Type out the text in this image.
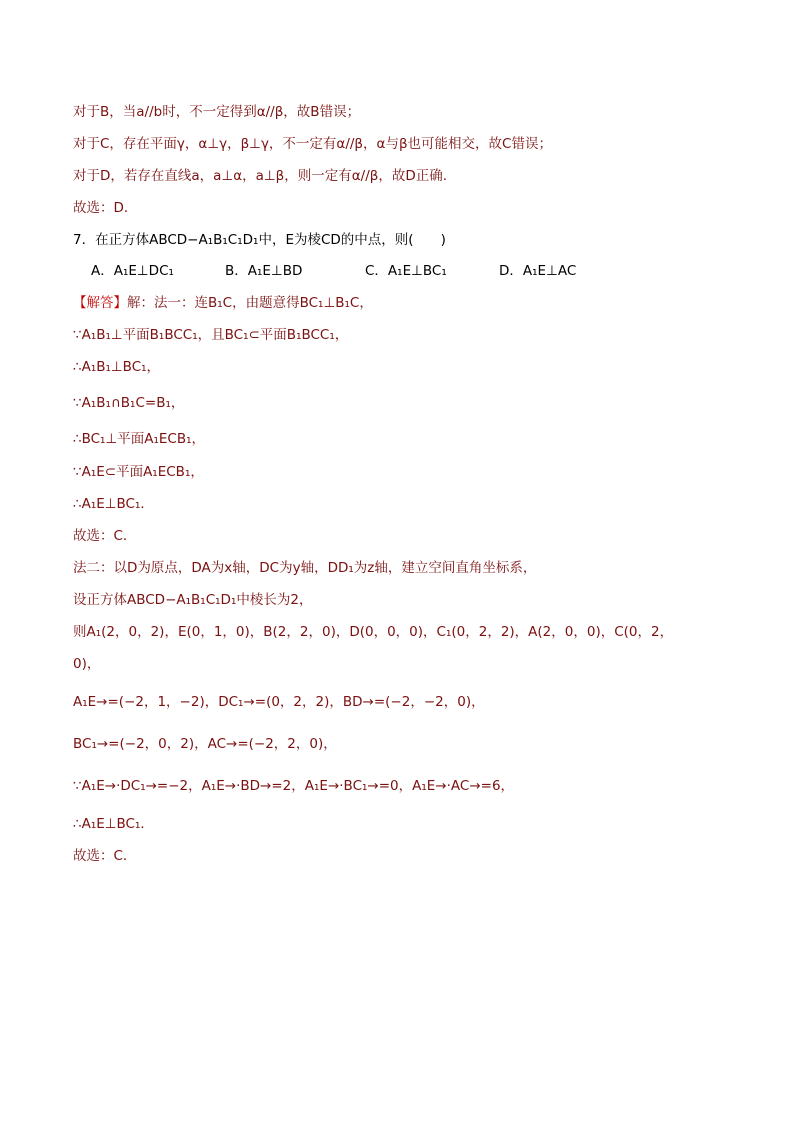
对于B，当a//b时，不一定得到α//β，故B错误；
对于C，存在平面γ，α⊥γ，β⊥γ，不一定有α//β，α与β也可能相交，故C错误；
对于D，若存在直线a，a⊥α，a⊥β，则一定有α//β，故D正确.
故选：D．
7．在正方体ABCD−A₁B₁C₁D₁中，E为棱CD的中点，则(　　)
A．A₁E⊥DC₁	B．A₁E⊥BD	C．A₁E⊥BC₁	D．A₁E⊥AC
【解答】解：法一：连B₁C，由题意得BC₁⊥B₁C，
∵A₁B₁⊥平面B₁BCC₁，且BC₁⊂平面B₁BCC₁，
∴A₁B₁⊥BC₁，
∵A₁B₁∩B₁C=B₁，
∴BC₁⊥平面A₁ECB₁，
∵A₁E⊂平面A₁ECB₁，
∴A₁E⊥BC₁．
故选：C．
法二：以D为原点，DA为x轴，DC为y轴，DD₁为z轴，建立空间直角坐标系，
设正方体ABCD−A₁B₁C₁D₁中棱长为2，
则A₁(2，0，2)，E(0，1，0)，B(2，2，0)，D(0，0，0)，C₁(0，2，2)，A(2，0，0)，C(0，2，
0)，
A₁E→=(−2，1，−2)，DC₁→=(0，2，2)，BD→=(−2，−2，0)，
BC₁→=(−2，0，2)，AC→=(−2，2，0)，
∵A₁E→·DC₁→=−2，A₁E→·BD→=2，A₁E→·BC₁→=0，A₁E→·AC→=6，
∴A₁E⊥BC₁．
故选：C．
